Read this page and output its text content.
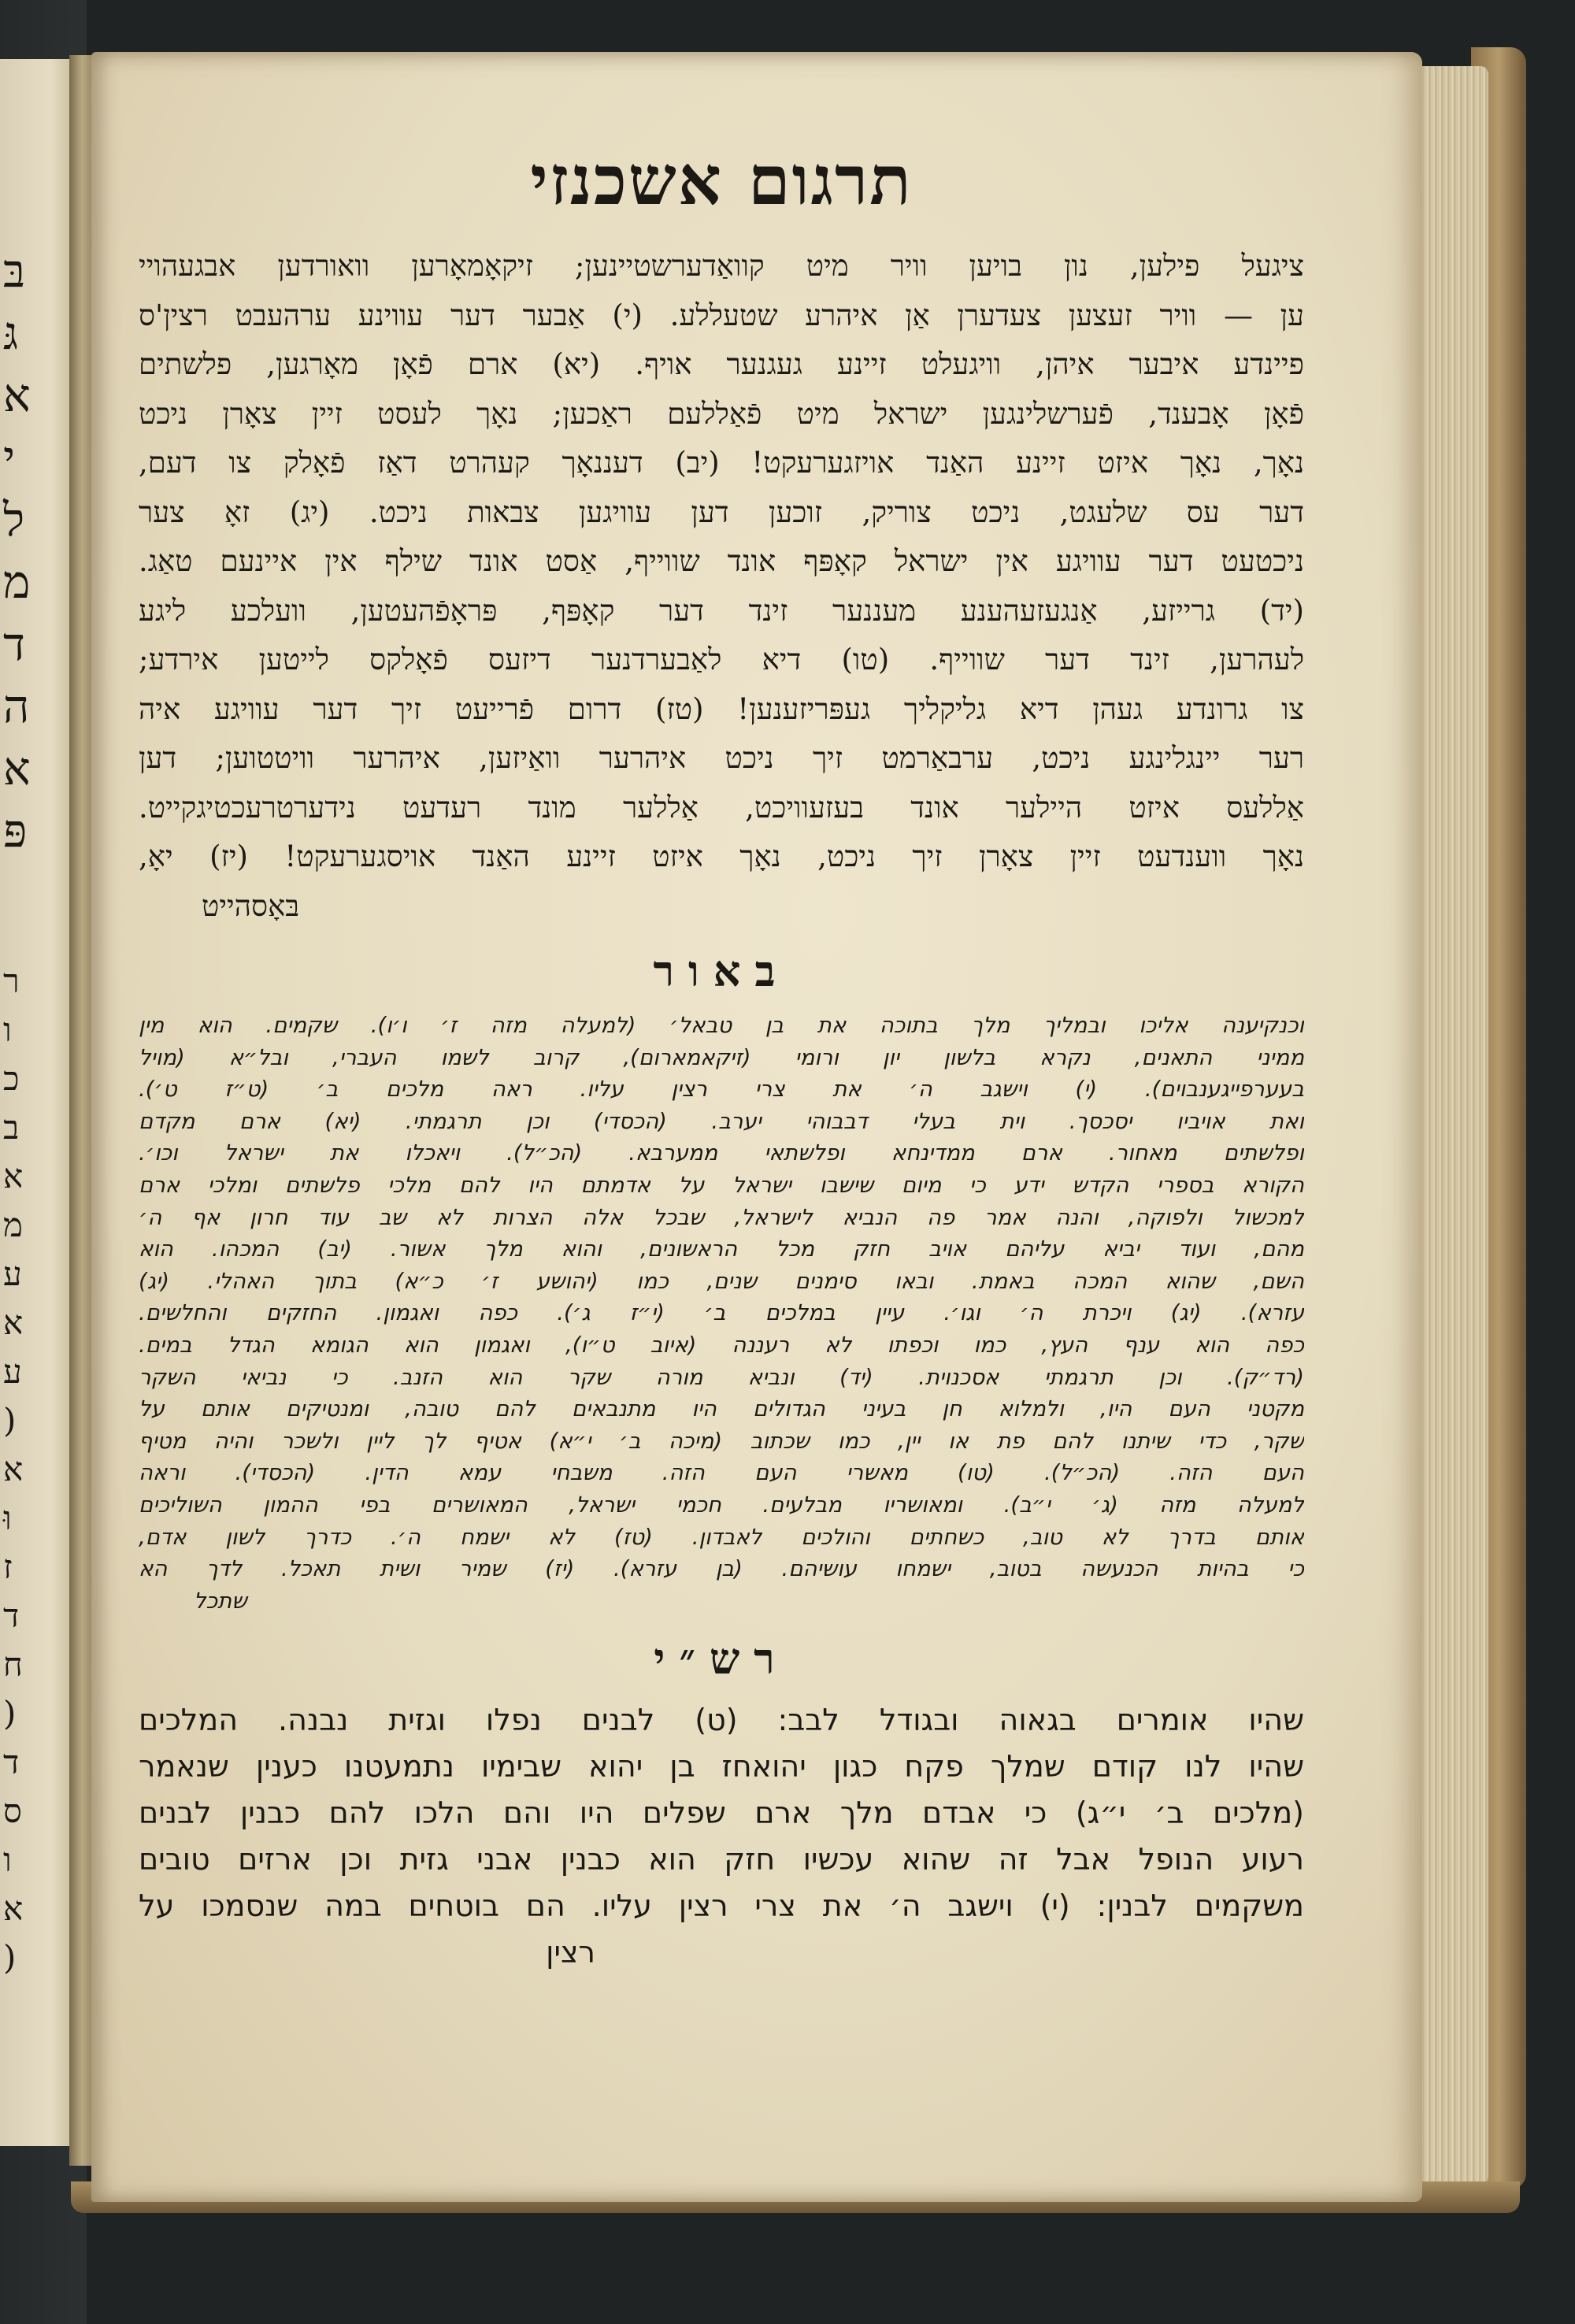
בּ
גּ
א
י
ל
מ
ד
ה
א
פּ
ר
ו
כ
ב
א
מ
ע
א
ע
(
א
וּ
ז
ד
ח
(
ד
ס
ו
א
(
תרגום אשכנזי
ציגעל פילען, נון בויען וויר מיט קוואַדערשטיינען; זיקאָמאָרען וואורדען אבגעהויי
ען — וויר זעצען צעדערן אַן איהרע שטעללע. (י) אַבער דער עווינע ערהעבט רצין'ס
פיינדע איבער איהן, וויגעלט זיינע געגנער אויף. (יא) ארם פֿאָן מאָרגען, פלשתים
פֿאָן אָבענד, פֿערשלינגען ישראל מיט פֿאַללעם ראַכען; נאָך לעסט זיין צאָרן ניכט
נאָך, נאָך איזט זיינע האַנד אויזגערעקט! (יב) דעננאָך קעהרט דאַז פֿאָלק צו דעם,
דער עס שלעגט, ניכט צוריק, זוכען דען עוויגען צבאות ניכט. (יג) זאָ צער
ניכטעט דער עוויגע אין ישראל קאָפּף אונד שווייף, אַסט אונד שילף אין איינעם טאַג.
(יד) גרייזע, אַנגעזעהענע מעננער זינד דער קאָפּף, פּראָפֿהעטען, וועלכע ליגע
לעהרען, זינד דער שווייף. (טו) דיא לאַבערדנער דיזעס פֿאָלקס לייטען אירדע;
צו גרונדע געהן דיא גליקליך געפּריזענען! (טז) דרום פֿרייעט זיך דער עוויגע איה
רער יינגלינגע ניכט, ערבאַרמט זיך ניכט איהרער וואַיזען, איהרער וויטטוען; דען
אַללעס איזט היילער אונד בעזעוויכט, אַללער מונד רעדעט נידערטרעכטיגקייט.
נאָך ווענדעט זיין צאָרן זיך ניכט, נאָך איזט זיינע האַנד אויסגערעקט! (יז) יאָ,
בּאָסהייט
באור
וכנקיענה אליכו ובמליך מלך בתוכה את בן טבאל׳ (למעלה מזה ז׳ ו׳ו). שקמים. הוא מין
ממיני התאנים, נקרא בלשון יון ורומי (זיקאמארום), קרוב לשמו העברי, ובל״א (מויל
בעערפייגענבוים). (י) וישגב ה׳ את צרי רצין עליו. ראה מלכים ב׳ (ט״ז ט׳).
ואת אויביו יסכסך. וית בעלי דבבוהי יערב. (הכסדי) וכן תרגמתי. (יא) ארם מקדם
ופלשתים מאחור. ארם ממדינחא ופלשתאי ממערבא. (הכ״ל). ויאכלו את ישראל וכו׳.
הקורא בספרי הקדש ידע כי מיום שישבו ישראל על אדמתם היו להם מלכי פלשתים ומלכי ארם
למכשול ולפוקה, והנה אמר פה הנביא לישראל, שבכל אלה הצרות לא שב עוד חרון אף ה׳
מהם, ועוד יביא עליהם אויב חזק מכל הראשונים, והוא מלך אשור. (יב) המכהו. הוא
השם, שהוא המכה באמת. ובאו סימנים שנים, כמו (יהושע ז׳ כ״א) בתוך האהלי. (יג)
עזרא). (יג) ויכרת ה׳ וגו׳. עיין במלכים ב׳ (י״ז ג׳). כפה ואגמון. החזקים והחלשים.
כפה הוא ענף העץ, כמו וכפתו לא רעננה (איוב ט״ו), ואגמון הוא הגומא הגדל במים.
(רד״ק). וכן תרגמתי אסכנוית. (יד) ונביא מורה שקר הוא הזנב. כי נביאי השקר
מקטני העם היו, ולמלוא חן בעיני הגדולים היו מתנבאים להם טובה, ומנטיקים אותם על
שקר, כדי שיתנו להם פת או יין, כמו שכתוב (מיכה ב׳ י״א) אטיף לך ליין ולשכר והיה מטיף
העם הזה. (הכ״ל). (טו) מאשרי העם הזה. משבחי עמא הדין. (הכסדי). וראה
למעלה מזה (ג׳ י״ב). ומאושריו מבלעים. חכמי ישראל, המאושרים בפי ההמון השוליכים
אותם בדרך לא טוב, כשחתים והולכים לאבדון. (טז) לא ישמח ה׳. כדרך לשון אדם,
כי בהיות הכנעשה בטוב, ישמחו עושיהם. (בן עזרא). (יז) שמיר ושית תאכל. לדך הא
שתכל
רש״י
שהיו אומרים בגאוה ובגודל לבב: (ט) לבנים נפלו וגזית נבנה. המלכים
שהיו לנו קודם שמלך פקח כגון יהואחז בן יהוא שבימיו נתמעטנו כענין שנאמר
(מלכים ב׳ י״ג) כי אבדם מלך ארם שפלים היו והם הלכו להם כבנין לבנים
רעוע הנופל אבל זה שהוא עכשיו חזק הוא כבנין אבני גזית וכן ארזים טובים
משקמים לבנין: (י) וישגב ה׳ את צרי רצין עליו. הם בוטחים במה שנסמכו על
רצין
